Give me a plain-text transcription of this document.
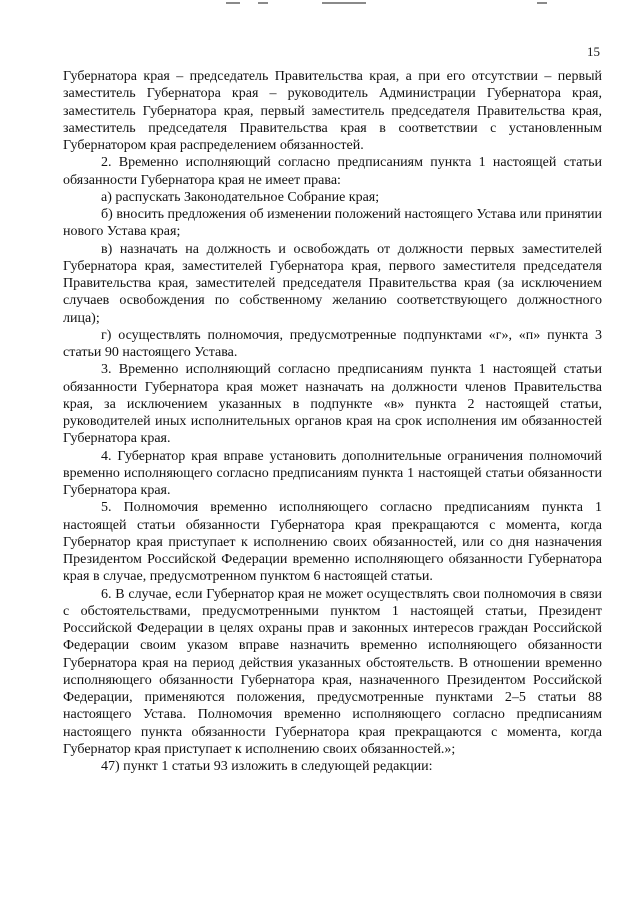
15

Губернатора края – председатель Правительства края, а при его отсутствии – первый заместитель Губернатора края – руководитель Администрации Губернатора края, заместитель Губернатора края, первый заместитель председателя Правительства края, заместитель председателя Правительства края в соответствии с установленным Губернатором края распределением обязанностей.

2. Временно исполняющий согласно предписаниям пункта 1 настоящей статьи обязанности Губернатора края не имеет права:

а) распускать Законодательное Собрание края;

б) вносить предложения об изменении положений настоящего Устава или принятии нового Устава края;

в) назначать на должность и освобождать от должности первых заместителей Губернатора края, заместителей Губернатора края, первого заместителя председателя Правительства края, заместителей председателя Правительства края (за исключением случаев освобождения по собственному желанию соответствующего должностного лица);

г) осуществлять полномочия, предусмотренные подпунктами «г», «п» пункта 3 статьи 90 настоящего Устава.

3. Временно исполняющий согласно предписаниям пункта 1 настоящей статьи обязанности Губернатора края может назначать на должности членов Правительства края, за исключением указанных в подпункте «в» пункта 2 настоящей статьи, руководителей иных исполнительных органов края на срок исполнения им обязанностей Губернатора края.

4. Губернатор края вправе установить дополнительные ограничения полномочий временно исполняющего согласно предписаниям пункта 1 настоящей статьи обязанности Губернатора края.

5. Полномочия временно исполняющего согласно предписаниям пункта 1 настоящей статьи обязанности Губернатора края прекращаются с момента, когда Губернатор края приступает к исполнению своих обязанностей, или со дня назначения Президентом Российской Федерации временно исполняющего обязанности Губернатора края в случае, предусмотренном пунктом 6 настоящей статьи.

6. В случае, если Губернатор края не может осуществлять свои полномочия в связи с обстоятельствами, предусмотренными пунктом 1 настоящей статьи, Президент Российской Федерации в целях охраны прав и законных интересов граждан Российской Федерации своим указом вправе назначить временно исполняющего обязанности Губернатора края на период действия указанных обстоятельств. В отношении временно исполняющего обязанности Губернатора края, назначенного Президентом Российской Федерации, применяются положения, предусмотренные пунктами 2–5 статьи 88 настоящего Устава. Полномочия временно исполняющего согласно предписаниям настоящего пункта обязанности Губернатора края прекращаются с момента, когда Губернатор края приступает к исполнению своих обязанностей.»;

47) пункт 1 статьи 93 изложить в следующей редакции:
